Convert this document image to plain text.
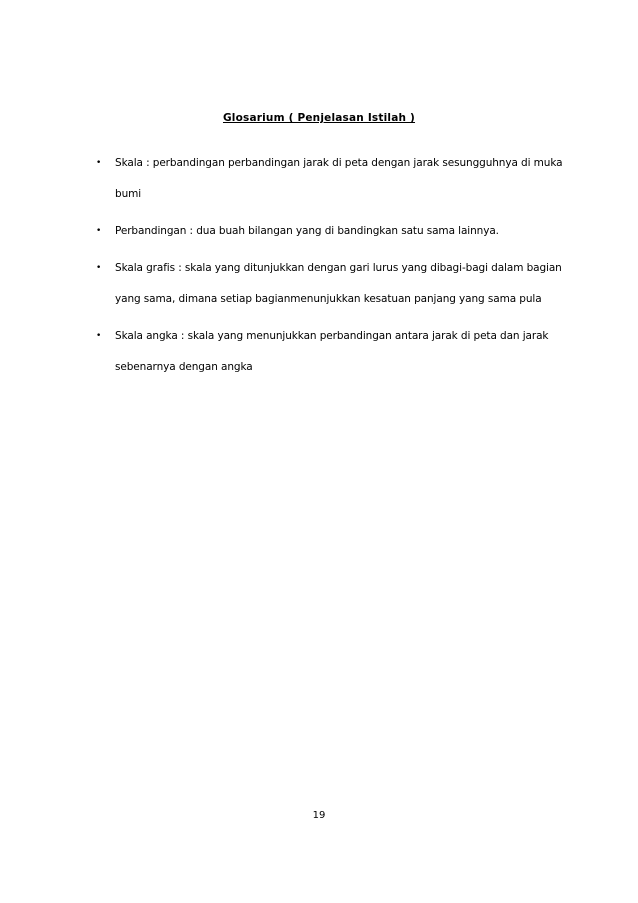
Glosarium ( Penjelasan Istilah )
• Skala : perbandingan perbandingan jarak di peta dengan jarak sesungguhnya di muka bumi
• Perbandingan : dua buah bilangan yang di bandingkan satu sama lainnya.
• Skala grafis : skala yang ditunjukkan dengan gari lurus yang dibagi-bagi dalam bagian yang sama, dimana setiap bagianmenunjukkan kesatuan panjang yang sama pula
• Skala angka : skala yang menunjukkan perbandingan antara jarak di peta dan jarak sebenarnya dengan angka
19
